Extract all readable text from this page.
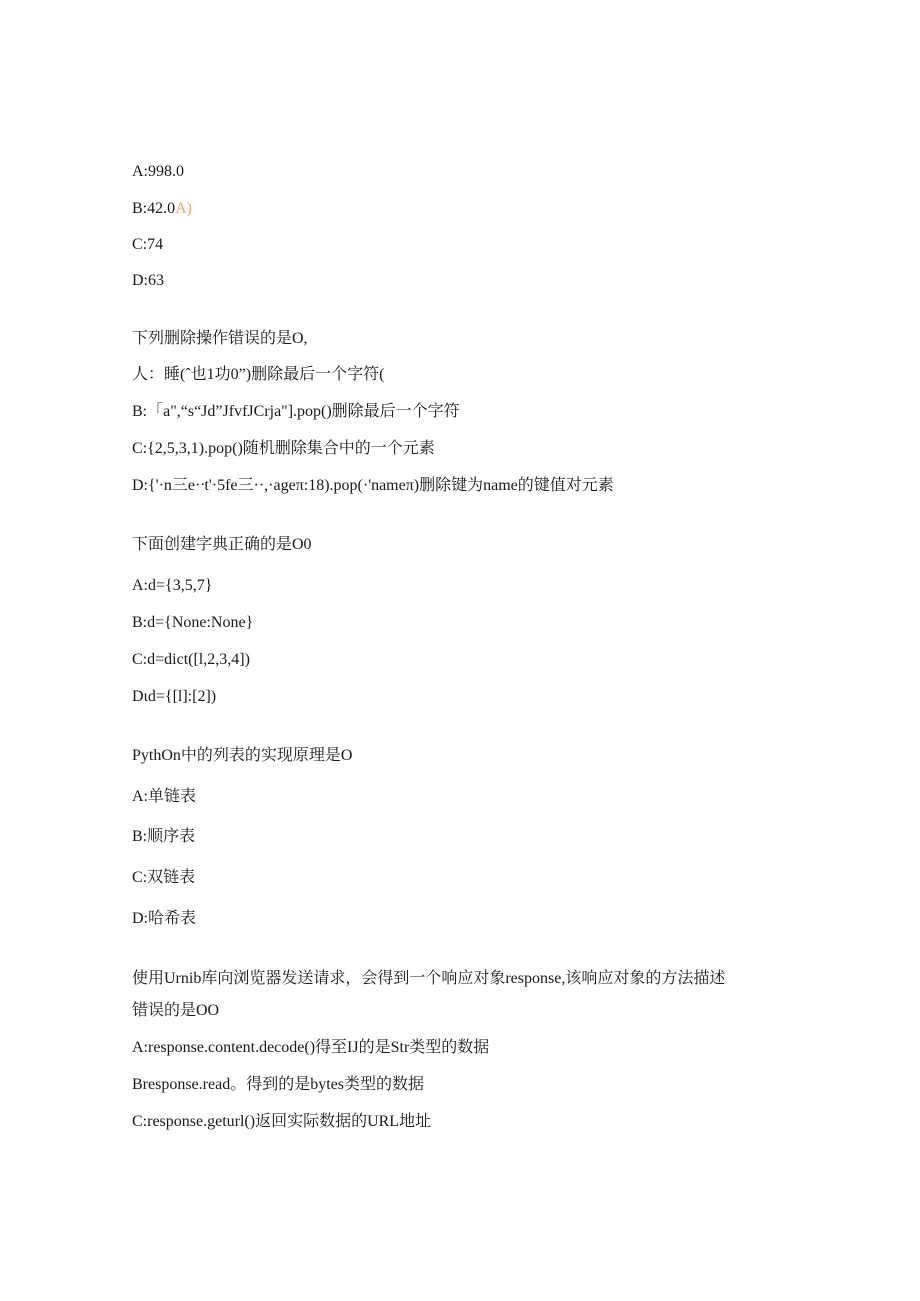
A:998.0

B:42.0A)

C:74

D:63

下列删除操作错误的是O,

人：睡(ˆ也1功0”)删除最后一个字符(

B:「a",“s“Jd”JfvfJCrja"].pop()删除最后一个字符

C:{2,5,3,1).pop()随机删除集合中的一个元素

D:{'·n三e·ᐧt'·5fe三··,·ageπ:18).pop(·'nameπ)删除键为name的键值对元素

下面创建字典正确的是O0

A:d={3,5,7}

B:d={None:None}

C:d=dict([l,2,3,4])

Dιd={[l]:[2])

PythOn中的列表的实现原理是O

A:单链表

B:顺序表

C:双链表

D:哈希表

使用Urnib库向浏览器发送请求，会得到一个响应对象response,该响应对象的方法描述

错误的是OO

A:response.content.decode()得至IJ的是Str类型的数据

Bresponse.read。得到的是bytes类型的数据

C:response.geturl()返回实际数据的URL地址
